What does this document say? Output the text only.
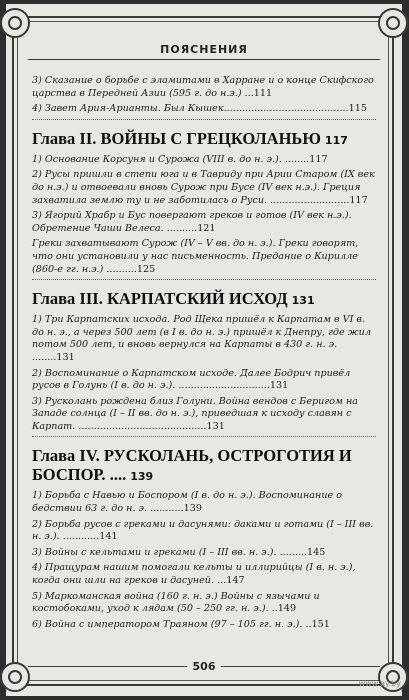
ПОЯСНЕНИЯ
3) Сказание о борьбе с эламитами в Харране и о конце Скифского царства в Передней Азии (595 г. до н.э.) ...111
4) Завет Ария-Арианты. Был Кышек.........................................115
Глава II. ВОЙНЫ С ГРЕЦКОЛАНЬЮ 117
1) Основание Корсуня и Сурожа (VIII в. до н. э.). ........117
2) Русы пришли в степи юга и в Тавриду при Арии Старом (IX век до н.э.) и отвоевали вновь Сурож при Бусе (IV век н.э.). Греция захватила землю ту и не заботилась о Руси. ..........................117
3) Ягорий Храбр и Бус повергают греков и готов (IV век н.э.). Обретение Чаши Велеса. ..........121
Греки захватывают Сурож (IV – V вв. до н. э.). Греки говорят, что они установили у нас письменность. Предание о Кирилле (860-е гг. н.э.) ..........125
Глава III. КАРПАТСКИЙ ИСХОД 131
1) Три Карпатских исхода. Род Щека пришёл к Карпатам в VI в. до н. э., а через 500 лет (в I в. до н. э.) пришёл к Днепру, где жил потом 500 лет, и вновь вернулся на Карпаты в 430 г. н. э. ........131
2) Воспоминание о Карпатском исходе. Далее Бодрич привёл русов в Голунь (I в. до н. э.). ..............................131
3) Русколань рождена близ Голуни. Война вендов с Беригом на Западе солнца (I – II вв. до н. э.), приведшая к исходу славян с Карпат. ..........................................131
Глава IV. РУСКОЛАНЬ, ОСТРОГОТИЯ И БОСПОР. .... 139
1) Борьба с Навью и Боспором (I в. до н. э.). Воспоминание о бедствии 63 г. до н. э. ...........139
2) Борьба русов с греками и дасунями: даками и готами (I – III вв. н. э.). ............141
3) Войны с кельтами и греками (I – III вв. н. э.). .........145
4) Пращурам нашим помогали кельты и иллирийцы (I в. н. э.), когда они шли на греков и дасуней. ...147
5) Маркоманская война (160 г. н. э.) Войны с язычами и костобоками, уход к лядам (50 – 250 гг. н. э.). ..149
6) Война с императором Траяном (97 – 105 гг. н. э.). ..151
506
www.ay.by
